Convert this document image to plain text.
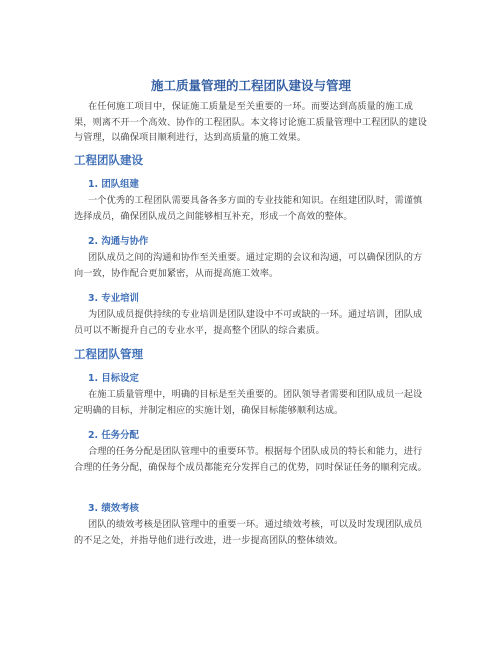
施工质量管理的工程团队建设与管理

在任何施工项目中，保证施工质量是至关重要的一环。而要达到高质量的施工成果，则离不开一个高效、协作的工程团队。本文将讨论施工质量管理中工程团队的建设与管理，以确保项目顺利进行，达到高质量的施工效果。

工程团队建设
1. 团队组建

一个优秀的工程团队需要具备各多方面的专业技能和知识。在组建团队时，需谨慎选择成员，确保团队成员之间能够相互补充，形成一个高效的整体。

2. 沟通与协作

团队成员之间的沟通和协作至关重要。通过定期的会议和沟通，可以确保团队的方向一致，协作配合更加紧密，从而提高施工效率。

3. 专业培训

为团队成员提供持续的专业培训是团队建设中不可或缺的一环。通过培训，团队成员可以不断提升自己的专业水平，提高整个团队的综合素质。

工程团队管理
1. 目标设定

在施工质量管理中，明确的目标是至关重要的。团队领导者需要和团队成员一起设定明确的目标，并制定相应的实施计划，确保目标能够顺利达成。

2. 任务分配

合理的任务分配是团队管理中的重要环节。根据每个团队成员的特长和能力，进行合理的任务分配，确保每个成员都能充分发挥自己的优势，同时保证任务的顺利完成。

3. 绩效考核

团队的绩效考核是团队管理中的重要一环。通过绩效考核，可以及时发现团队成员的不足之处，并指导他们进行改进，进一步提高团队的整体绩效。
